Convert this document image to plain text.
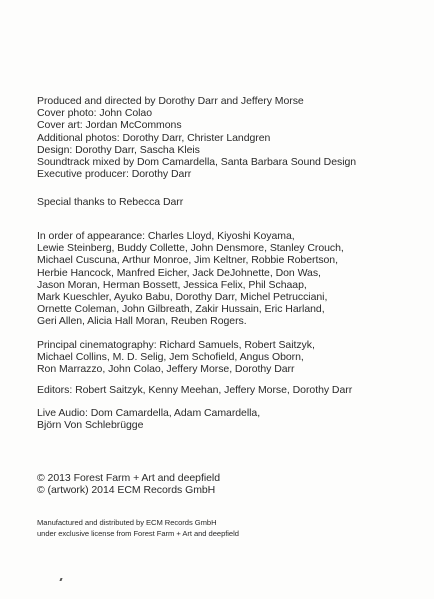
Produced and directed by Dorothy Darr and Jeffery Morse
Cover photo: John Colao
Cover art: Jordan McCommons
Additional photos: Dorothy Darr, Christer Landgren
Design: Dorothy Darr, Sascha Kleis
Soundtrack mixed by Dom Camardella, Santa Barbara Sound Design
Executive producer: Dorothy Darr
Special thanks to Rebecca Darr
In order of appearance: Charles Lloyd, Kiyoshi Koyama,
Lewie Steinberg, Buddy Collette, John Densmore, Stanley Crouch,
Michael Cuscuna, Arthur Monroe, Jim Keltner, Robbie Robertson,
Herbie Hancock, Manfred Eicher, Jack DeJohnette, Don Was,
Jason Moran, Herman Bossett, Jessica Felix, Phil Schaap,
Mark Kueschler, Ayuko Babu, Dorothy Darr, Michel Petrucciani,
Ornette Coleman, John Gilbreath, Zakir Hussain, Eric Harland,
Geri Allen, Alicia Hall Moran, Reuben Rogers.
Principal cinematography: Richard Samuels, Robert Saitzyk,
Michael Collins, M. D. Selig, Jem Schofield, Angus Oborn,
Ron Marrazzo, John Colao, Jeffery Morse, Dorothy Darr
Editors: Robert Saitzyk, Kenny Meehan, Jeffery Morse, Dorothy Darr
Live Audio: Dom Camardella, Adam Camardella,
Björn Von Schlebrügge
© 2013 Forest Farm + Art and deepfield
© (artwork) 2014 ECM Records GmbH
Manufactured and distributed by ECM Records GmbH
under exclusive license from Forest Farm + Art and deepfield
